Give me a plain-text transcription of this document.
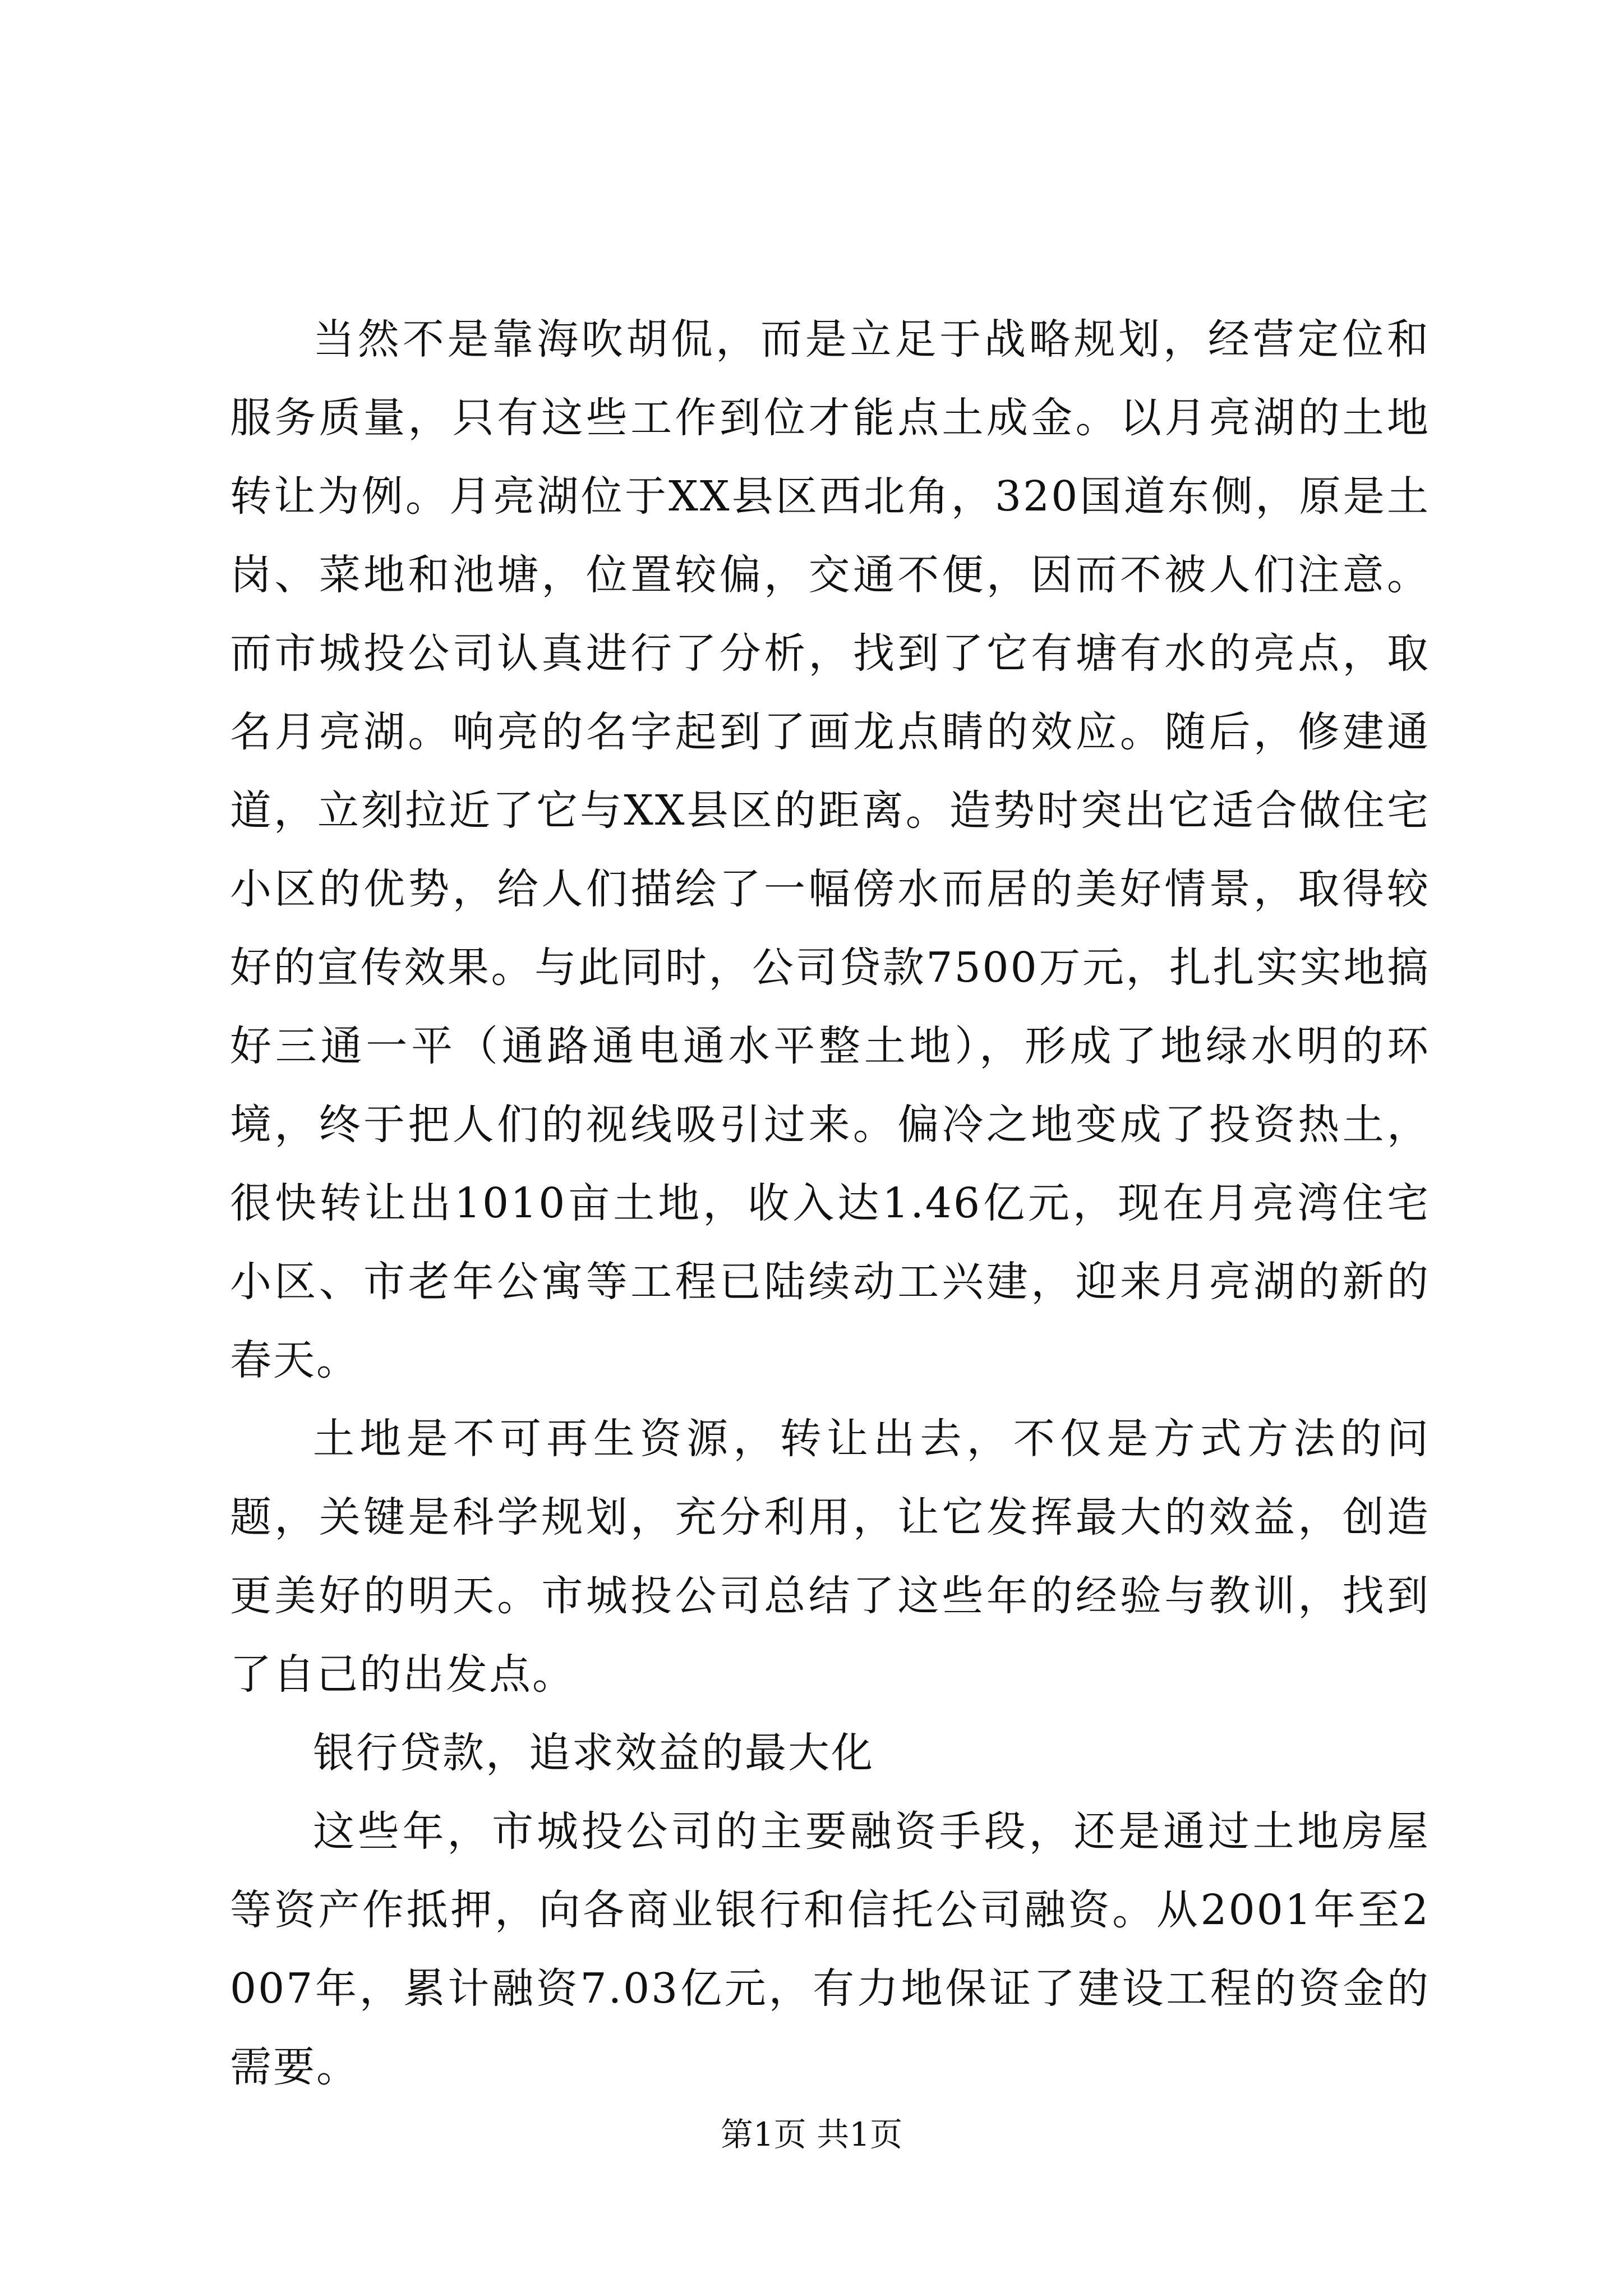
当然不是靠海吹胡侃，而是立足于战略规划，经营定位和服务质量，只有这些工作到位才能点土成金。以月亮湖的土地转让为例。月亮湖位于XX县区西北角，320国道东侧，原是土岗、菜地和池塘，位置较偏，交通不便，因而不被人们注意。而市城投公司认真进行了分析，找到了它有塘有水的亮点，取名月亮湖。响亮的名字起到了画龙点睛的效应。随后，修建通道，立刻拉近了它与XX县区的距离。造势时突出它适合做住宅小区的优势，给人们描绘了一幅傍水而居的美好情景，取得较好的宣传效果。与此同时，公司贷款7500万元，扎扎实实地搞好三通一平（通路通电通水平整土地），形成了地绿水明的环境，终于把人们的视线吸引过来。偏冷之地变成了投资热土，很快转让出1010亩土地，收入达1.46亿元，现在月亮湾住宅小区、市老年公寓等工程已陆续动工兴建，迎来月亮湖的新的春天。

土地是不可再生资源，转让出去，不仅是方式方法的问题，关键是科学规划，充分利用，让它发挥最大的效益，创造更美好的明天。市城投公司总结了这些年的经验与教训，找到了自己的出发点。

银行贷款，追求效益的最大化

这些年，市城投公司的主要融资手段，还是通过土地房屋等资产作抵押，向各商业银行和信托公司融资。从2001年至2007年，累计融资7.03亿元，有力地保证了建设工程的资金的需要。

第1页 共1页
